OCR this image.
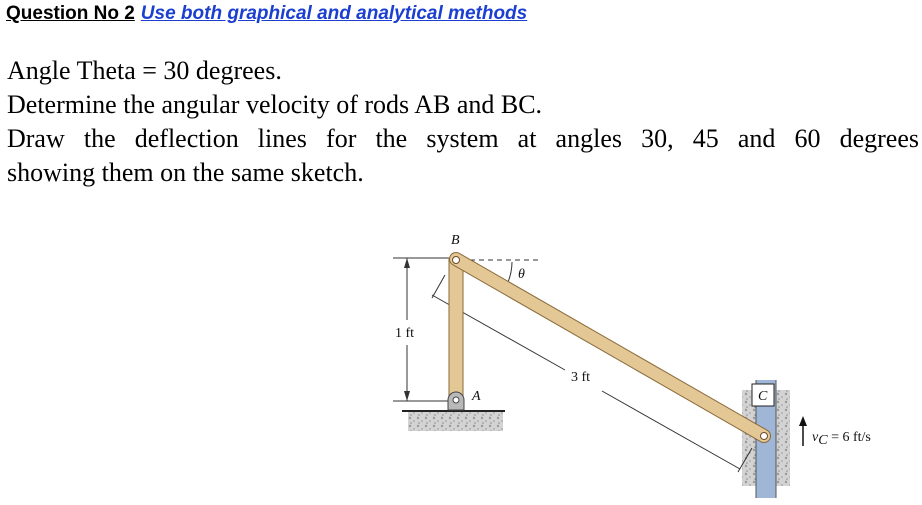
Question No 2 Use both graphical and analytical methods

Angle Theta = 30 degrees.

Determine the angular velocity of rods AB and BC.

Draw the deflection lines for the system at angles 30, 45 and 60 degrees

showing them on the same sketch.

1 ft
3 ft
θ
B
A	C
vC = 6 ft/s
